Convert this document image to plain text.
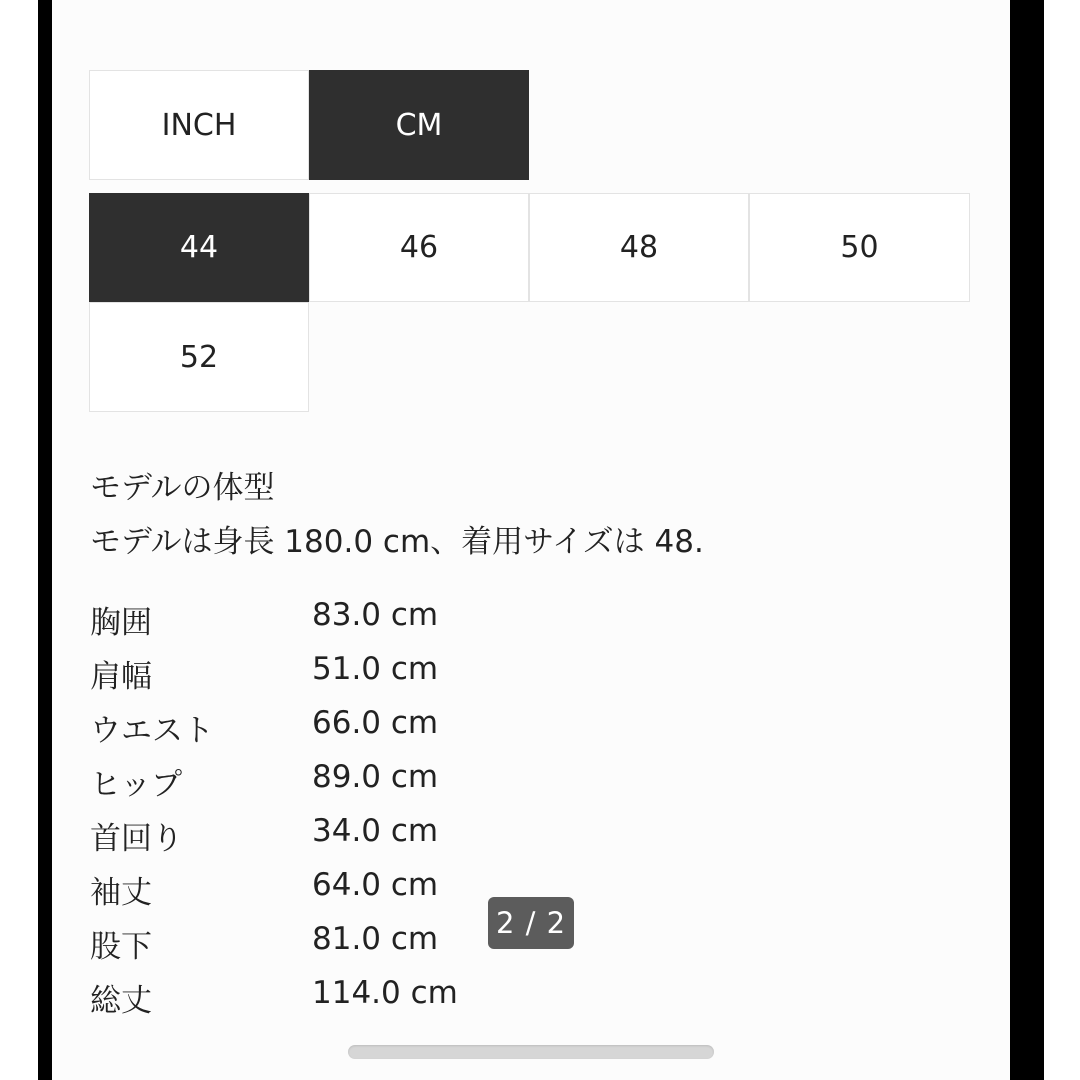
INCH	CM
44	46	48	50
52
モデルの体型
モデルは身長 180.0 cm、着用サイズは 48.
胸囲	83.0 cm
肩幅	51.0 cm
ウエスト	66.0 cm
ヒップ	89.0 cm
首回り	34.0 cm
袖丈	64.0 cm
股下	81.0 cm
総丈	114.0 cm
2 / 2
